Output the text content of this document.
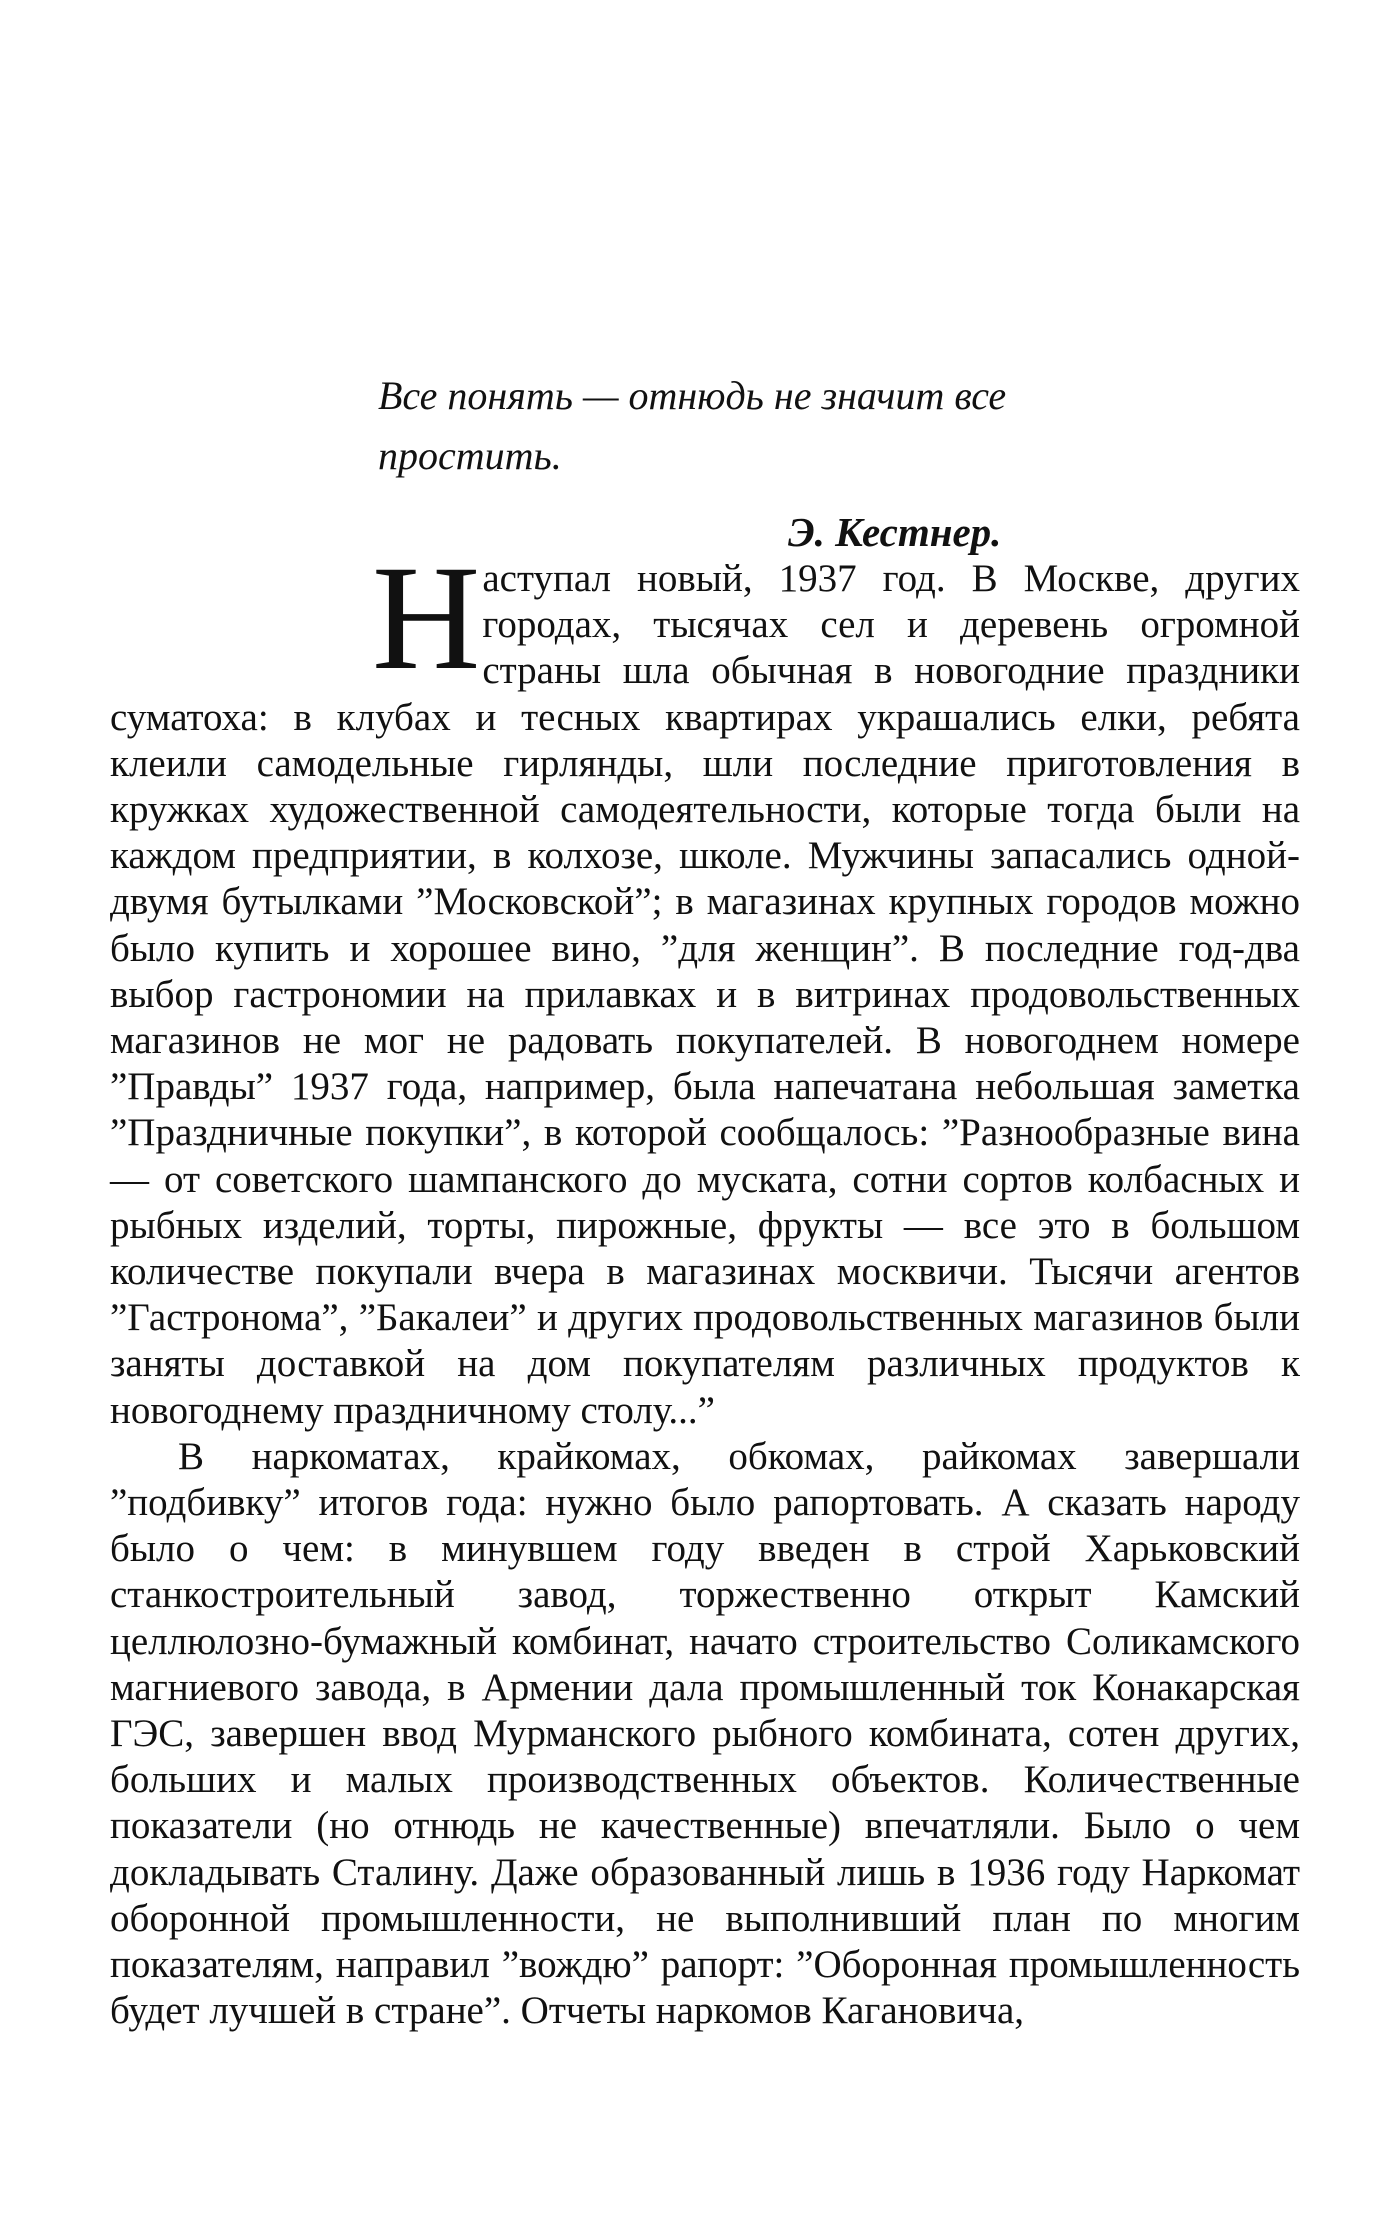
Все понять — отнюдь не значит все простить.

Э. Кестнер.

Наступал новый, 1937 год. В Москве, других городах, тысячах сел и деревень огромной страны шла обычная в новогодние праздники суматоха: в клубах и тесных квартирах украшались елки, ребята клеили самодельные гирлянды, шли последние приготовления в кружках художественной самодеятельности, которые тогда были на каждом предприятии, в колхозе, школе. Мужчины запасались одной-двумя бутылками ”Московской”; в магазинах крупных городов можно было купить и хорошее вино, ”для женщин”. В последние год-два выбор гастрономии на прилавках и в витринах продовольственных магазинов не мог не радовать покупателей. В новогоднем номере ”Правды” 1937 года, например, была напечатана небольшая заметка ”Праздничные покупки”, в которой сообщалось: ”Разнообразные вина — от советского шампанского до муската, сотни сортов колбасных и рыбных изделий, торты, пирожные, фрукты — все это в большом количестве покупали вчера в магазинах москвичи. Тысячи агентов ”Гастронома”, ”Бакалеи” и других продовольственных магазинов были заняты доставкой на дом покупателям различных продуктов к новогоднему праздничному столу...”

В наркоматах, крайкомах, обкомах, райкомах завершали ”подбивку” итогов года: нужно было рапортовать. А сказать народу было о чем: в минувшем году введен в строй Харьковский станкостроительный завод, торжественно открыт Камский целлюлозно-бумажный комбинат, начато строительство Соликамского магниевого завода, в Армении дала промышленный ток Конакарская ГЭС, завершен ввод Мурманского рыбного комбината, сотен других, больших и малых производственных объектов. Количественные показатели (но отнюдь не качественные) впечатляли. Было о чем докладывать Сталину. Даже образованный лишь в 1936 году Наркомат оборонной промышленности, не выполнивший план по многим показателям, направил ”вождю” рапорт: ”Оборонная промышленность будет лучшей в стране”. Отчеты наркомов Кагановича,
